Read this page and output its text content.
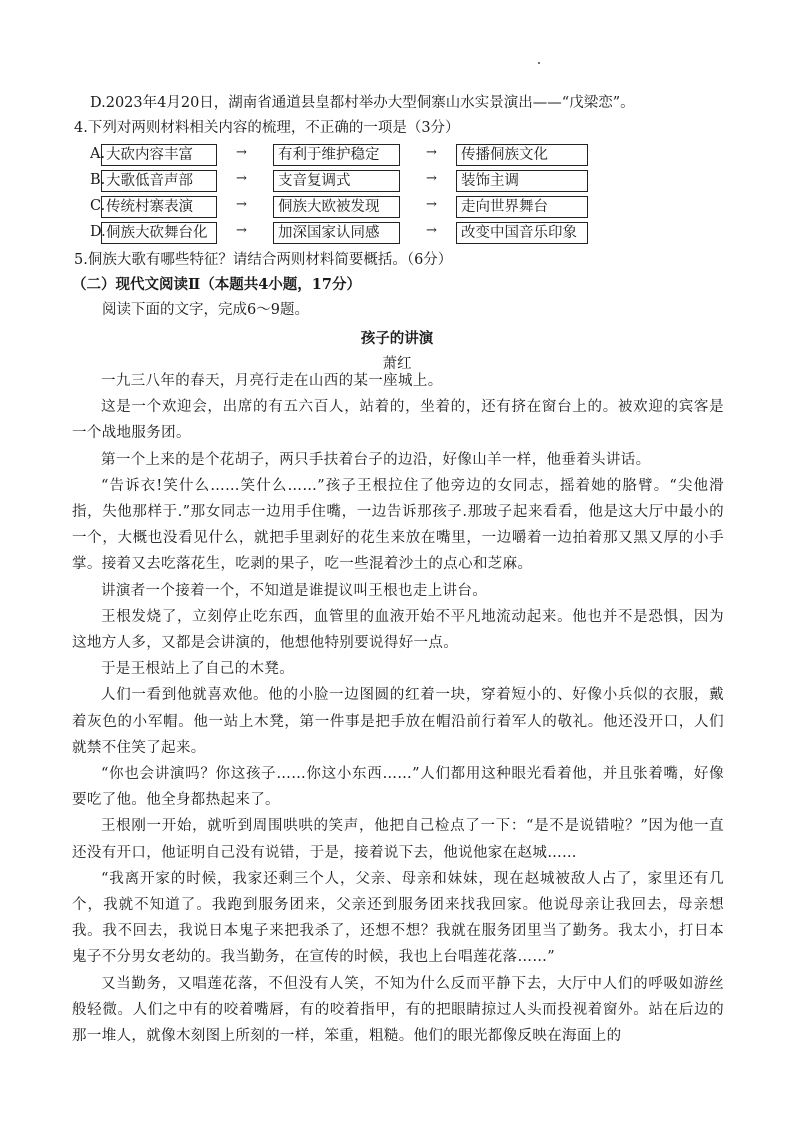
D.2023年4月20日，湖南省通道县皇都村举办大型侗寨山水实景演出——“戊梁恋”。
4.下列对两则材料相关内容的梳理，不正确的一项是（3分）
A. 大砍内容丰富	→	有利于维护稳定	→	传播侗族文化
B. 大歌低音声部	→	支音复调式	→	装饰主调
C. 传统村寨表演	→	侗族大欧被发现	→	走向世界舞台
D. 侗族大砍舞台化	→	加深国家认同感	→	改变中国音乐印象
5.侗族大歌有哪些特征？请结合两则材料简要概括。（6分）
（二）现代文阅读Ⅱ（本题共4小题，17分）
阅读下面的文字，完成6～9题。
孩子的讲演
萧红

一九三八年的春天，月亮行走在山西的某一座城上。

这是一个欢迎会，出席的有五六百人，站着的，坐着的，还有挤在窗台上的。被欢迎的宾客是一个战地服务团。

第一个上来的是个花胡子，两只手扶着台子的边沿，好像山羊一样，他垂着头讲话。

“告诉衣!笑什么……笑什么……”孩子王根拉住了他旁边的女同志，摇着她的胳臂。“尖他滑指，失他那样于.”那女同志一边用手住嘴，一边告诉那孩子.那玻子起来看看，他是这大厅中最小的一个，大概也没看见什么，就把手里剥好的花生来放在嘴里，一边嚼着一边拍着那又黑又厚的小手掌。接着又去吃落花生，吃剥的果子，吃一些混着沙土的点心和芝麻。

讲演者一个接着一个，不知道是谁提议叫王根也走上讲台。

王根发烧了，立刻停止吃东西，血管里的血液开始不平凡地流动起来。他也并不是恐惧，因为这地方人多，又都是会讲演的，他想他特别要说得好一点。

于是王根站上了自己的木凳。

人们一看到他就喜欢他。他的小脸一边图圆的红着一块，穿着短小的、好像小兵似的衣服，戴着灰色的小军帽。他一站上木凳，第一件事是把手放在帽沿前行着军人的敬礼。他还没开口，人们就禁不住笑了起来。

“你也会讲演吗？你这孩子……你这小东西……”人们都用这种眼光看着他，并且张着嘴，好像要吃了他。他全身都热起来了。

王根刚一开始，就听到周围哄哄的笑声，他把自己检点了一下：“是不是说错啦？”因为他一直还没有开口，他证明自己没有说错，于是，接着说下去，他说他家在赵城……

“我离开家的时候，我家还剩三个人，父亲、母亲和妹妹，现在赵城被敌人占了，家里还有几个，我就不知道了。我跑到服务团来，父亲还到服务团来找我回家。他说母亲让我回去，母亲想我。我不回去，我说日本鬼子来把我杀了，还想不想？我就在服务团里当了勤务。我太小，打日本鬼子不分男女老幼的。我当勤务，在宣传的时候，我也上台唱莲花落……”

又当勤务，又唱莲花落，不但没有人笑，不知为什么反而平静下去，大厅中人们的呼吸如游丝般轻微。人们之中有的咬着嘴唇，有的咬着指甲，有的把眼睛掠过人头而投视着窗外。站在后边的那一堆人，就像木刻图上所刻的一样，笨重，粗糙。他们的眼光都像反映在海面上的
